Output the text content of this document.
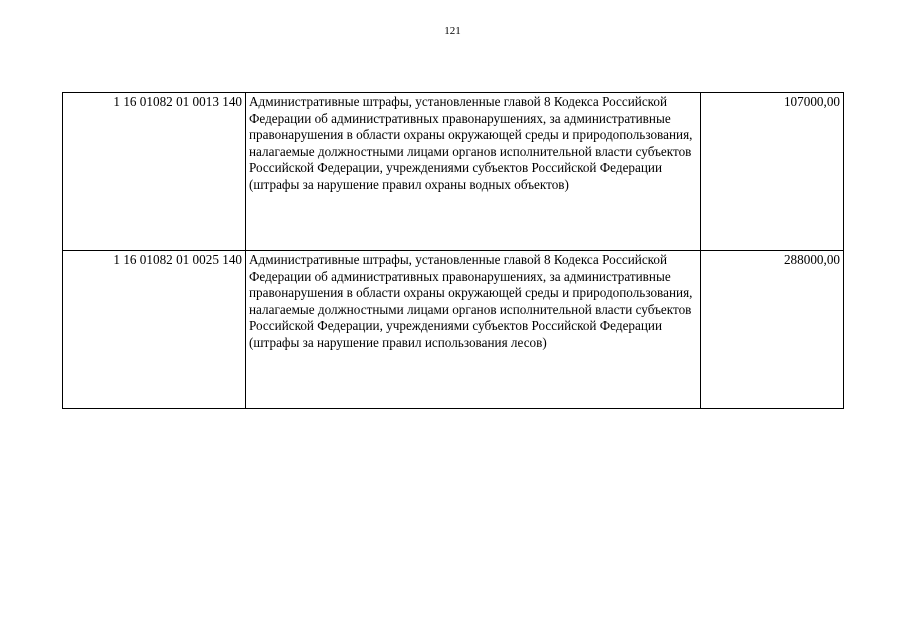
121
1 16 01082 01 0013 140	Административные штрафы, установленные главой 8 Кодекса Российской Федерации об административных правонарушениях, за административные правонарушения в области охраны окружающей среды и природопользования, налагаемые должностными лицами органов исполнительной власти субъектов Российской Федерации, учреждениями субъектов Российской Федерации (штрафы за нарушение правил охраны водных объектов)	107000,00
1 16 01082 01 0025 140	Административные штрафы, установленные главой 8 Кодекса Российской Федерации об административных правонарушениях, за административные правонарушения в области охраны окружающей среды и природопользования, налагаемые должностными лицами органов исполнительной власти субъектов Российской Федерации, учреждениями субъектов Российской Федерации (штрафы за нарушение правил использования лесов)	288000,00
